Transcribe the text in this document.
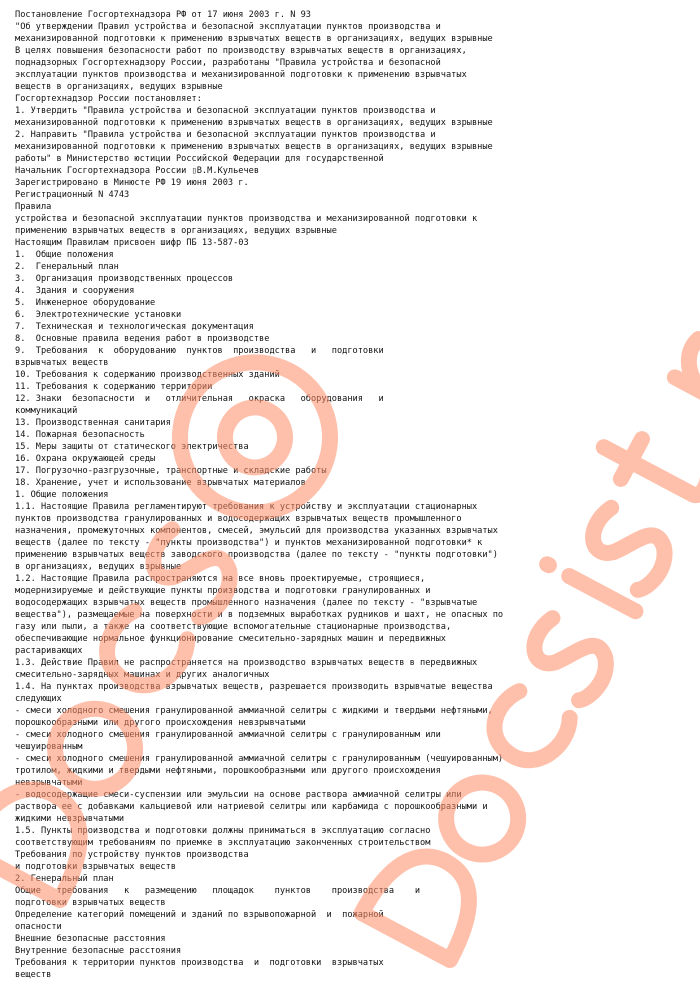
Постановление Госгортехнадзора РФ от 17 июня 2003 г. N 93
"Об утверждении Правил устройства и безопасной эксплуатации пунктов производства и
механизированной подготовки к применению взрывчатых веществ в организациях, ведущих взрывные
В целях повышения безопасности работ по производству взрывчатых веществ в организациях,
поднадзорных Госгортехнадзору России, разработаны "Правила устройства и безопасной
эксплуатации пунктов производства и механизированной подготовки к применению взрывчатых
веществ в организациях, ведущих взрывные
Госгортехнадзор России постановляет:
1. Утвердить "Правила устройства и безопасной эксплуатации пунктов производства и
механизированной подготовки к применению взрывчатых веществ в организациях, ведущих взрывные
2. Направить "Правила устройства и безопасной эксплуатации пунктов производства и
механизированной подготовки к применению взрывчатых веществ в организациях, ведущих взрывные
работы" в Министерство юстиции Российской Федерации для государственной
Начальник Госгортехнадзора России ▯В.М.Кульечев
Зарегистрировано в Минюсте РФ 19 июня 2003 г.
Регистрационный N 4743
Правила
устройства и безопасной эксплуатации пунктов производства и механизированной подготовки к
применению взрывчатых веществ в организациях, ведущих взрывные
Настоящим Правилам присвоен шифр ПБ 13-587-03
1.  Общие положения
2.  Генеральный план
3.  Организация производственных процессов
4.  Здания и сооружения
5.  Инженерное оборудование
6.  Электротехнические установки
7.  Техническая и технологическая документация
8.  Основные правила ведения работ в производстве
9.  Требования  к  оборудованию  пунктов  производства   и   подготовки
взрывчатых веществ
10. Требования к содержанию производственных зданий
11. Требования к содержанию территории
12. Знаки  безопасности  и   отличительная   окраска   оборудования   и
коммуникаций
13. Производственная санитария
14. Пожарная безопасность
15. Меры защиты от статического электричества
16. Охрана окружающей среды
17. Погрузочно-разгрузочные, транспортные и складские работы
18. Хранение, учет и использование взрывчатых материалов
1. Общие положения
1.1. Настоящие Правила регламентируют требования к устройству и эксплуатации стационарных
пунктов производства гранулированных и водосодержащих взрывчатых веществ промышленного
назначения, промежуточных компонентов, смесей, эмульсий для производства указанных взрывчатых
веществ (далее по тексту - "пункты производства") и пунктов механизированной подготовки* к
применению взрывчатых веществ заводского производства (далее по тексту - "пункты подготовки")
в организациях, ведущих взрывные
1.2. Настоящие Правила распространяются на все вновь проектируемые, строящиеся,
модернизируемые и действующие пункты производства и подготовки гранулированных и
водосодержащих взрывчатых веществ промышленного назначения (далее по тексту - "взрывчатые
вещества"), размещаемые на поверхности и в подземных выработках рудников и шахт, не опасных по
газу или пыли, а также на соответствующие вспомогательные стационарные производства,
обеспечивающие нормальное функционирование смесительно-зарядных машин и передвижных
растаривающих
1.3. Действие Правил не распространяется на производство взрывчатых веществ в передвижных
смесительно-зарядных машинах и других аналогичных
1.4. На пунктах производства взрывчатых веществ, разрешается производить взрывчатые вещества
следующих
- смеси холодного смешения гранулированной аммиачной селитры с жидкими и твердыми нефтяными,
порошкообразными или другого происхождения невзрывчатыми
- смеси холодного смешения гранулированной аммиачной селитры с гранулированным или
чешуированным
- смеси холодного смешения гранулированной аммиачной селитры с гранулированным (чешуированным)
тротилом, жидкими и твердыми нефтяными, порошкообразными или другого происхождения
невзрывчатыми
- водосодержащие смеси-суспензии или эмульсии на основе раствора аммиачной селитры или
раствора ее с добавками кальциевой или натриевой селитры или карбамида с порошкообразными и
жидкими невзрывчатыми
1.5. Пункты производства и подготовки должны приниматься в эксплуатацию согласно
соответствующим требованиям по приемке в эксплуатацию законченных строительством
Требования по устройству пунктов производства
и подготовки взрывчатых веществ
2. Генеральный план
Общие   требования   к   размещению   площадок    пунктов    производства    и
подготовки взрывчатых веществ
Определение категорий помещений и зданий по взрывопожарной  и  пожарной
опасности
Внешние безопасные расстояния
Внутренние безопасные расстояния
Требования к территории пунктов производства  и  подготовки  взрывчатых
веществ
